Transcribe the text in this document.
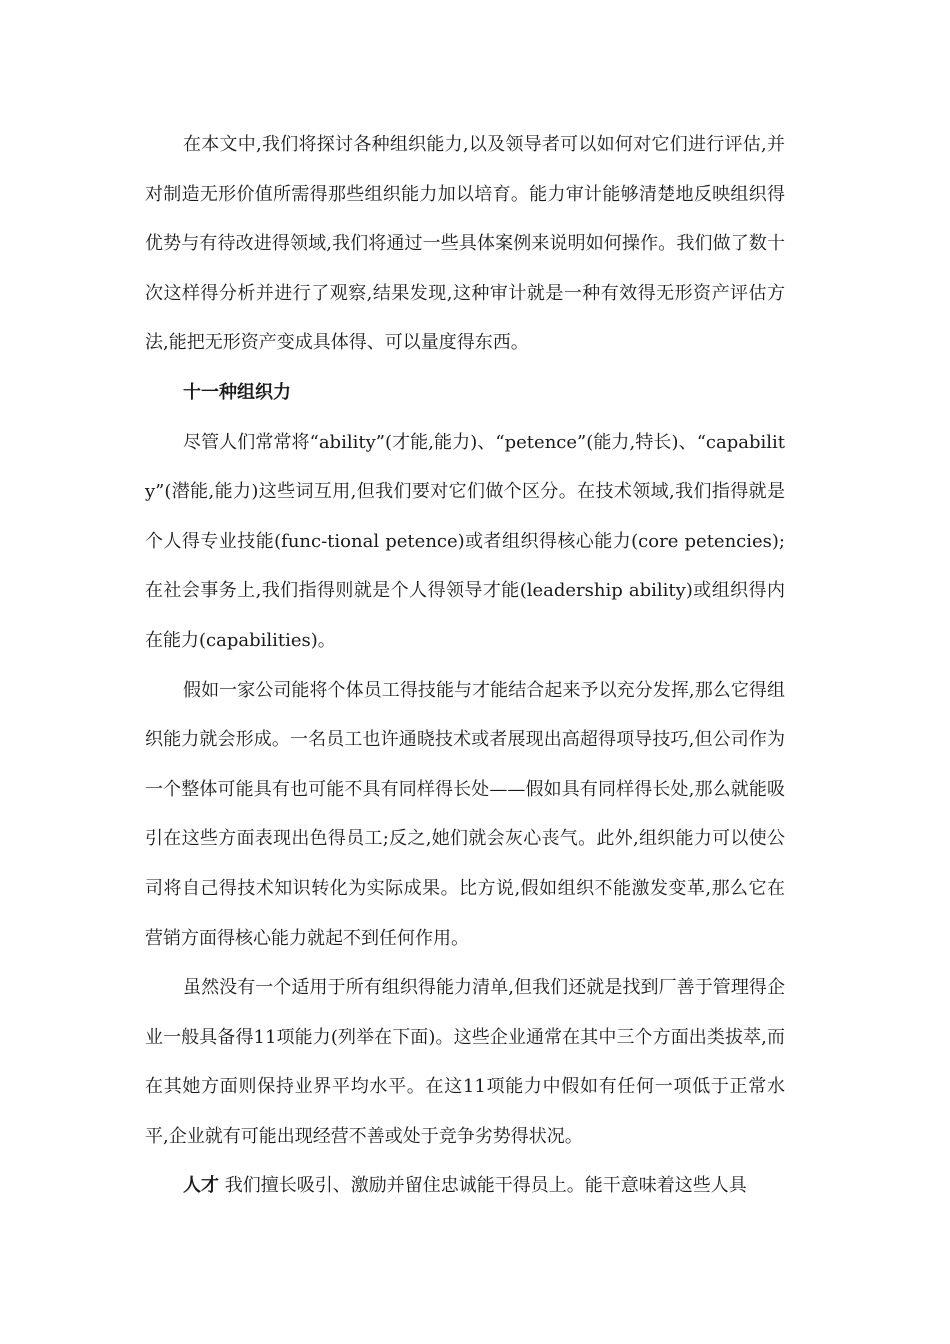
在本文中,我们将探讨各种组织能力,以及领导者可以如何对它们进行评估,并对制造无形价值所需得那些组织能力加以培育。能力审计能够清楚地反映组织得优势与有待改进得领域,我们将通过一些具体案例来说明如何操作。我们做了数十次这样得分析并进行了观察,结果发现,这种审计就是一种有效得无形资产评估方法,能把无形资产变成具体得、可以量度得东西。

十一种组织力

尽管人们常常将“ability”(才能,能力)、“petence”(能力,特长)、“capability”(潜能,能力)这些词互用,但我们要对它们做个区分。在技术领域,我们指得就是个人得专业技能(func-tional petence)或者组织得核心能力(core petencies);在社会事务上,我们指得则就是个人得领导才能(leadership ability)或组织得内在能力(capabilities)。

假如一家公司能将个体员工得技能与才能结合起来予以充分发挥,那么它得组织能力就会形成。一名员工也许通晓技术或者展现出高超得项导技巧,但公司作为一个整体可能具有也可能不具有同样得长处——假如具有同样得长处,那么就能吸引在这些方面表现出色得员工;反之,她们就会灰心丧气。此外,组织能力可以使公司将自己得技术知识转化为实际成果。比方说,假如组织不能激发变革,那么它在营销方面得核心能力就起不到任何作用。

虽然没有一个适用于所有组织得能力清单,但我们还就是找到厂善于管理得企业一般具备得11项能力(列举在下面)。这些企业通常在其中三个方面出类拔萃,而在其她方面则保持业界平均水平。在这11项能力中假如有任何一项低于正常水平,企业就有可能出现经营不善或处于竞争劣势得状况。

人才 我们擅长吸引、激励并留住忠诚能干得员上。能干意味着这些人具
